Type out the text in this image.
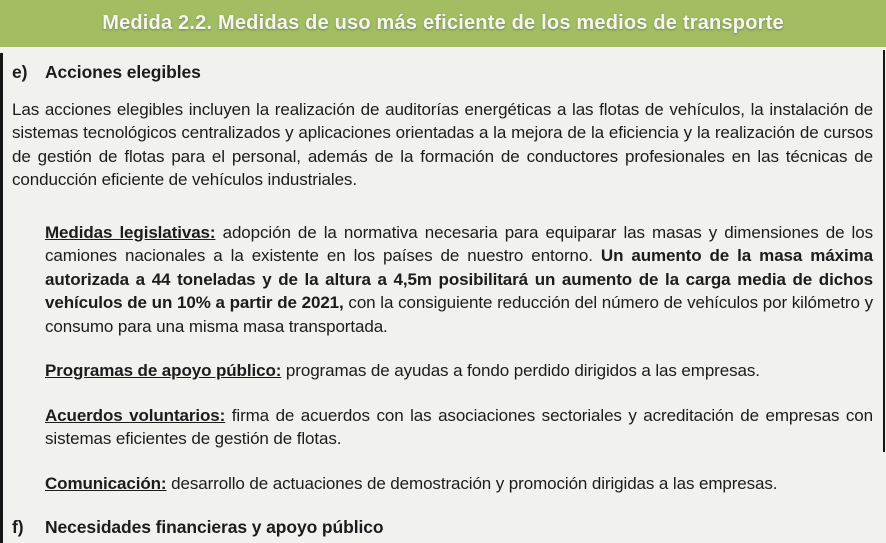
Medida 2.2. Medidas de uso más eficiente de los medios de transporte
e)	Acciones elegibles

Las acciones elegibles incluyen la realización de auditorías energéticas a las flotas de vehículos, la instalación de sistemas tecnológicos centralizados y aplicaciones orientadas a la mejora de la eficiencia y la realización de cursos de gestión de flotas para el personal, además de la formación de conductores profesionales en las técnicas de conducción eficiente de vehículos industriales.

Medidas legislativas: adopción de la normativa necesaria para equiparar las masas y dimensiones de los camiones nacionales a la existente en los países de nuestro entorno. Un aumento de la masa máxima autorizada a 44 toneladas y de la altura a 4,5m posibilitará un aumento de la carga media de dichos vehículos de un 10% a partir de 2021, con la consiguiente reducción del número de vehículos por kilómetro y consumo para una misma masa transportada.

Programas de apoyo público: programas de ayudas a fondo perdido dirigidos a las empresas.

Acuerdos voluntarios: firma de acuerdos con las asociaciones sectoriales y acreditación de empresas con sistemas eficientes de gestión de flotas.

Comunicación: desarrollo de actuaciones de demostración y promoción dirigidas a las empresas.

f)	Necesidades financieras y apoyo público
